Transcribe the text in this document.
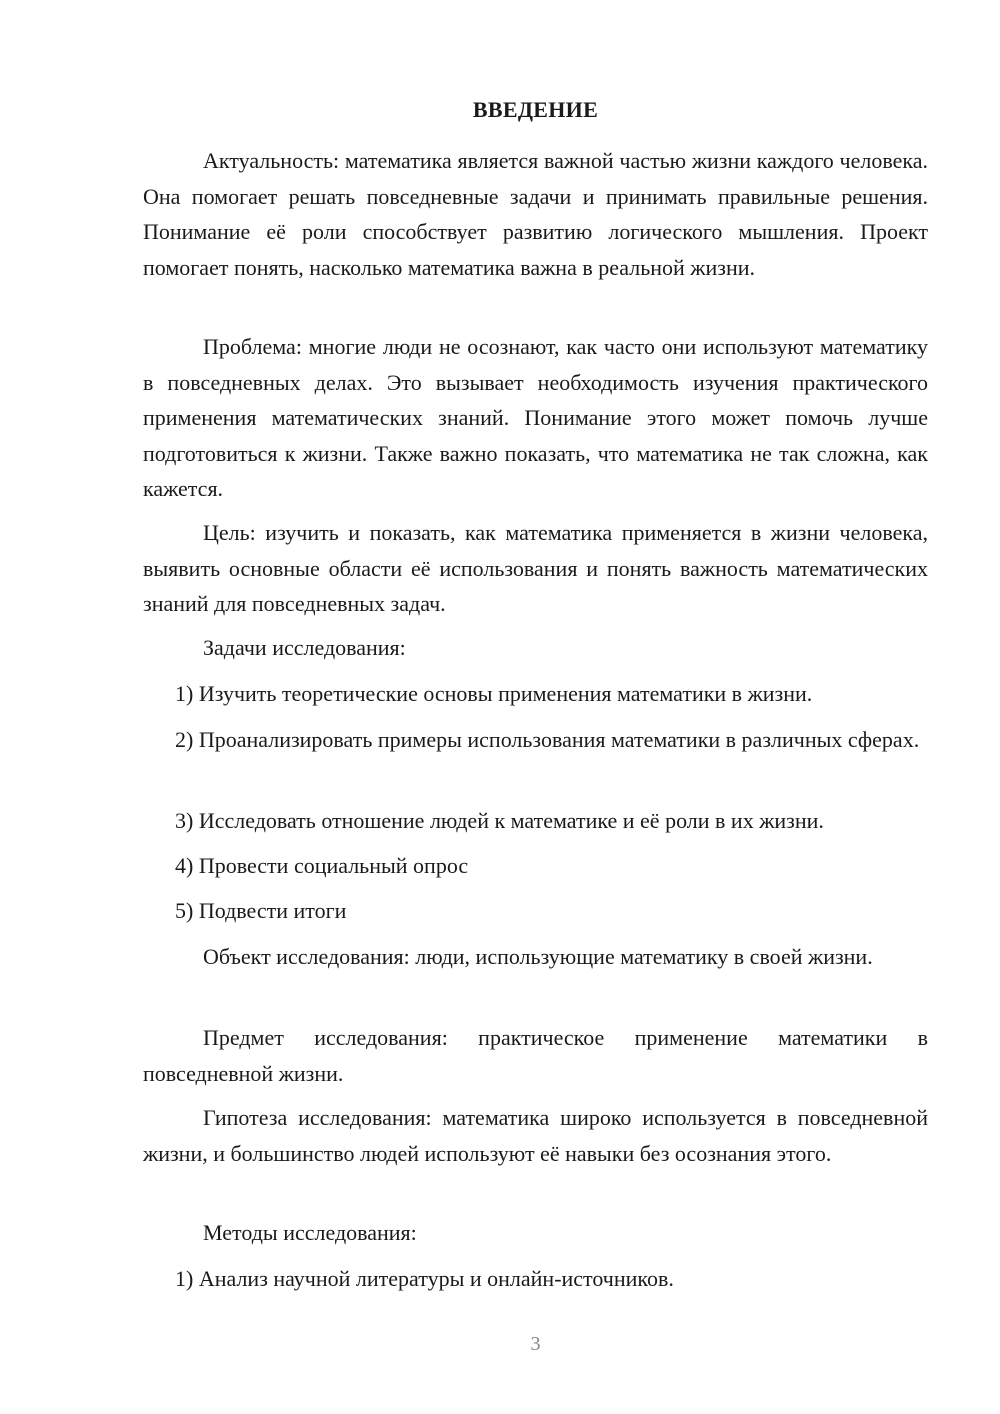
ВВЕДЕНИЕ

Актуальность: математика является важной частью жизни каждого человека. Она помогает решать повседневные задачи и принимать правильные решения. Понимание её роли способствует развитию логического мышления. Проект помогает понять, насколько математика важна в реальной жизни.

Проблема: многие люди не осознают, как часто они используют математику в повседневных делах. Это вызывает необходимость изучения практического применения математических знаний. Понимание этого может помочь лучше подготовиться к жизни. Также важно показать, что математика не так сложна, как кажется.

Цель: изучить и показать, как математика применяется в жизни человека, выявить основные области её использования и понять важность математических знаний для повседневных задач.

Задачи исследования:

1) Изучить теоретические основы применения математики в жизни.

2) Проанализировать примеры использования математики в различных сферах.

3) Исследовать отношение людей к математике и её роли в их жизни.

4) Провести социальный опрос

5) Подвести итоги

Объект исследования: люди, использующие математику в своей жизни.

Предмет исследования: практическое применение математики в повседневной жизни.

Гипотеза исследования: математика широко используется в повседневной жизни, и большинство людей используют её навыки без осознания этого.

Методы исследования:

1) Анализ научной литературы и онлайн-источников.

3
